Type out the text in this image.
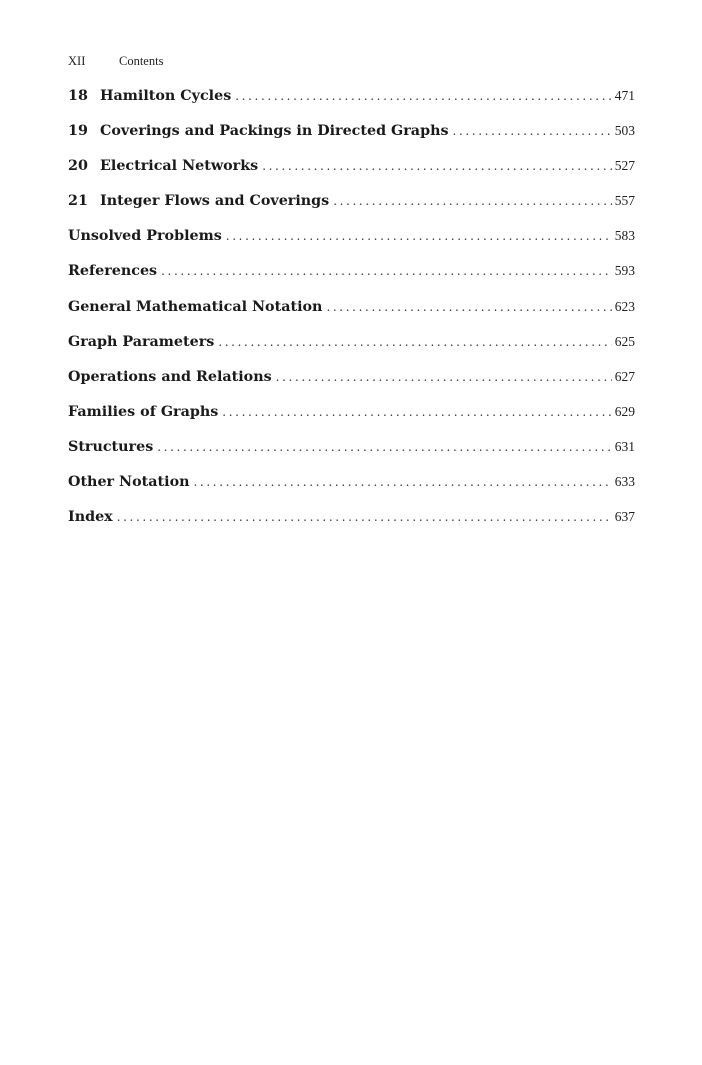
XII	Contents
18 Hamilton Cycles . . .	471
19 Coverings and Packings in Directed Graphs . . .	503
20 Electrical Networks . . .	527
21 Integer Flows and Coverings . . .	557
Unsolved Problems . . .	583
References . . .	593
General Mathematical Notation . . .	623
Graph Parameters . . .	625
Operations and Relations . . .	627
Families of Graphs . . .	629
Structures . . .	631
Other Notation . . .	633
Index . . .	637
